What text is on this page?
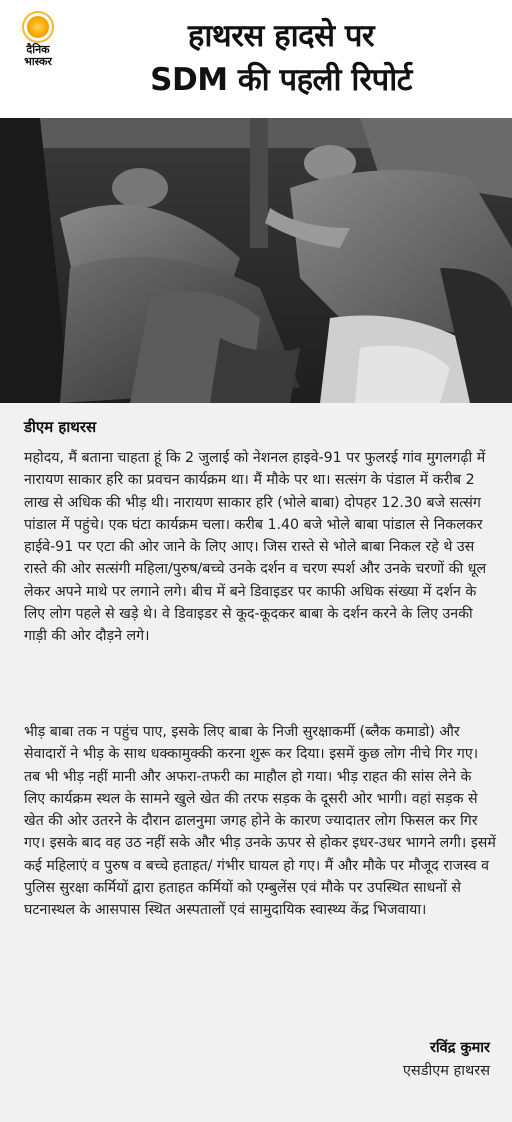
दैनिक
भास्कर
हाथरस हादसे पर
SDM की पहली रिपोर्ट
डीएम हाथरस
महोदय, मैं बताना चाहता हूं कि 2 जुलाई को नेशनल हाइवे-91 पर फुलरई गांव मुगलगढ़ी में नारायण साकार हरि का प्रवचन कार्यक्रम था। मैं मौके पर था। सत्संग के पंडाल में करीब 2 लाख से अधिक की भीड़ थी। नारायण साकार हरि (भोले बाबा) दोपहर 12.30 बजे सत्संग पांडाल में पहुंचे। एक घंटा कार्यक्रम चला। करीब 1.40 बजे भोले बाबा पांडाल से निकलकर हाईवे-91 पर एटा की ओर जाने के लिए आए। जिस रास्ते से भोले बाबा निकल रहे थे उस रास्ते की ओर सत्संगी महिला/पुरुष/बच्चे उनके दर्शन व चरण स्पर्श और उनके चरणों की धूल लेकर अपने माथे पर लगाने लगे। बीच में बने डिवाइडर पर काफी अधिक संख्या में दर्शन के लिए लोग पहले से खड़े थे। वे डिवाइडर से कूद-कूदकर बाबा के दर्शन करने के लिए उनकी गाड़ी की ओर दौड़ने लगे।
भीड़ बाबा तक न पहुंच पाए, इसके लिए बाबा के निजी सुरक्षाकर्मी (ब्लैक कमाडो) और सेवादारों ने भीड़ के साथ धक्कामुक्की करना शुरू कर दिया। इसमें कुछ लोग नीचे गिर गए। तब भी भीड़ नहीं मानी और अफरा-तफरी का माहौल हो गया। भीड़ राहत की सांस लेने के लिए कार्यक्रम स्थल के सामने खुले खेत की तरफ सड़क के दूसरी ओर भागी। वहां सड़क से खेत की ओर उतरने के दौरान ढालनुमा जगह होने के कारण ज्यादातर लोग फिसल कर गिर गए। इसके बाद वह उठ नहीं सके और भीड़ उनके ऊपर से होकर इधर-उधर भागने लगी। इसमें कई महिलाएं व पुरुष व बच्चे हताहत/ गंभीर घायल हो गए। मैं और मौके पर मौजूद राजस्व व पुलिस सुरक्षा कर्मियों द्वारा हताहत कर्मियों को एम्बुलेंस एवं मौके पर उपस्थित साधनों से घटनास्थल के आसपास स्थित अस्पतालों एवं सामुदायिक स्वास्थ्य केंद्र भिजवाया।
रविंद्र कुमार
एसडीएम हाथरस
